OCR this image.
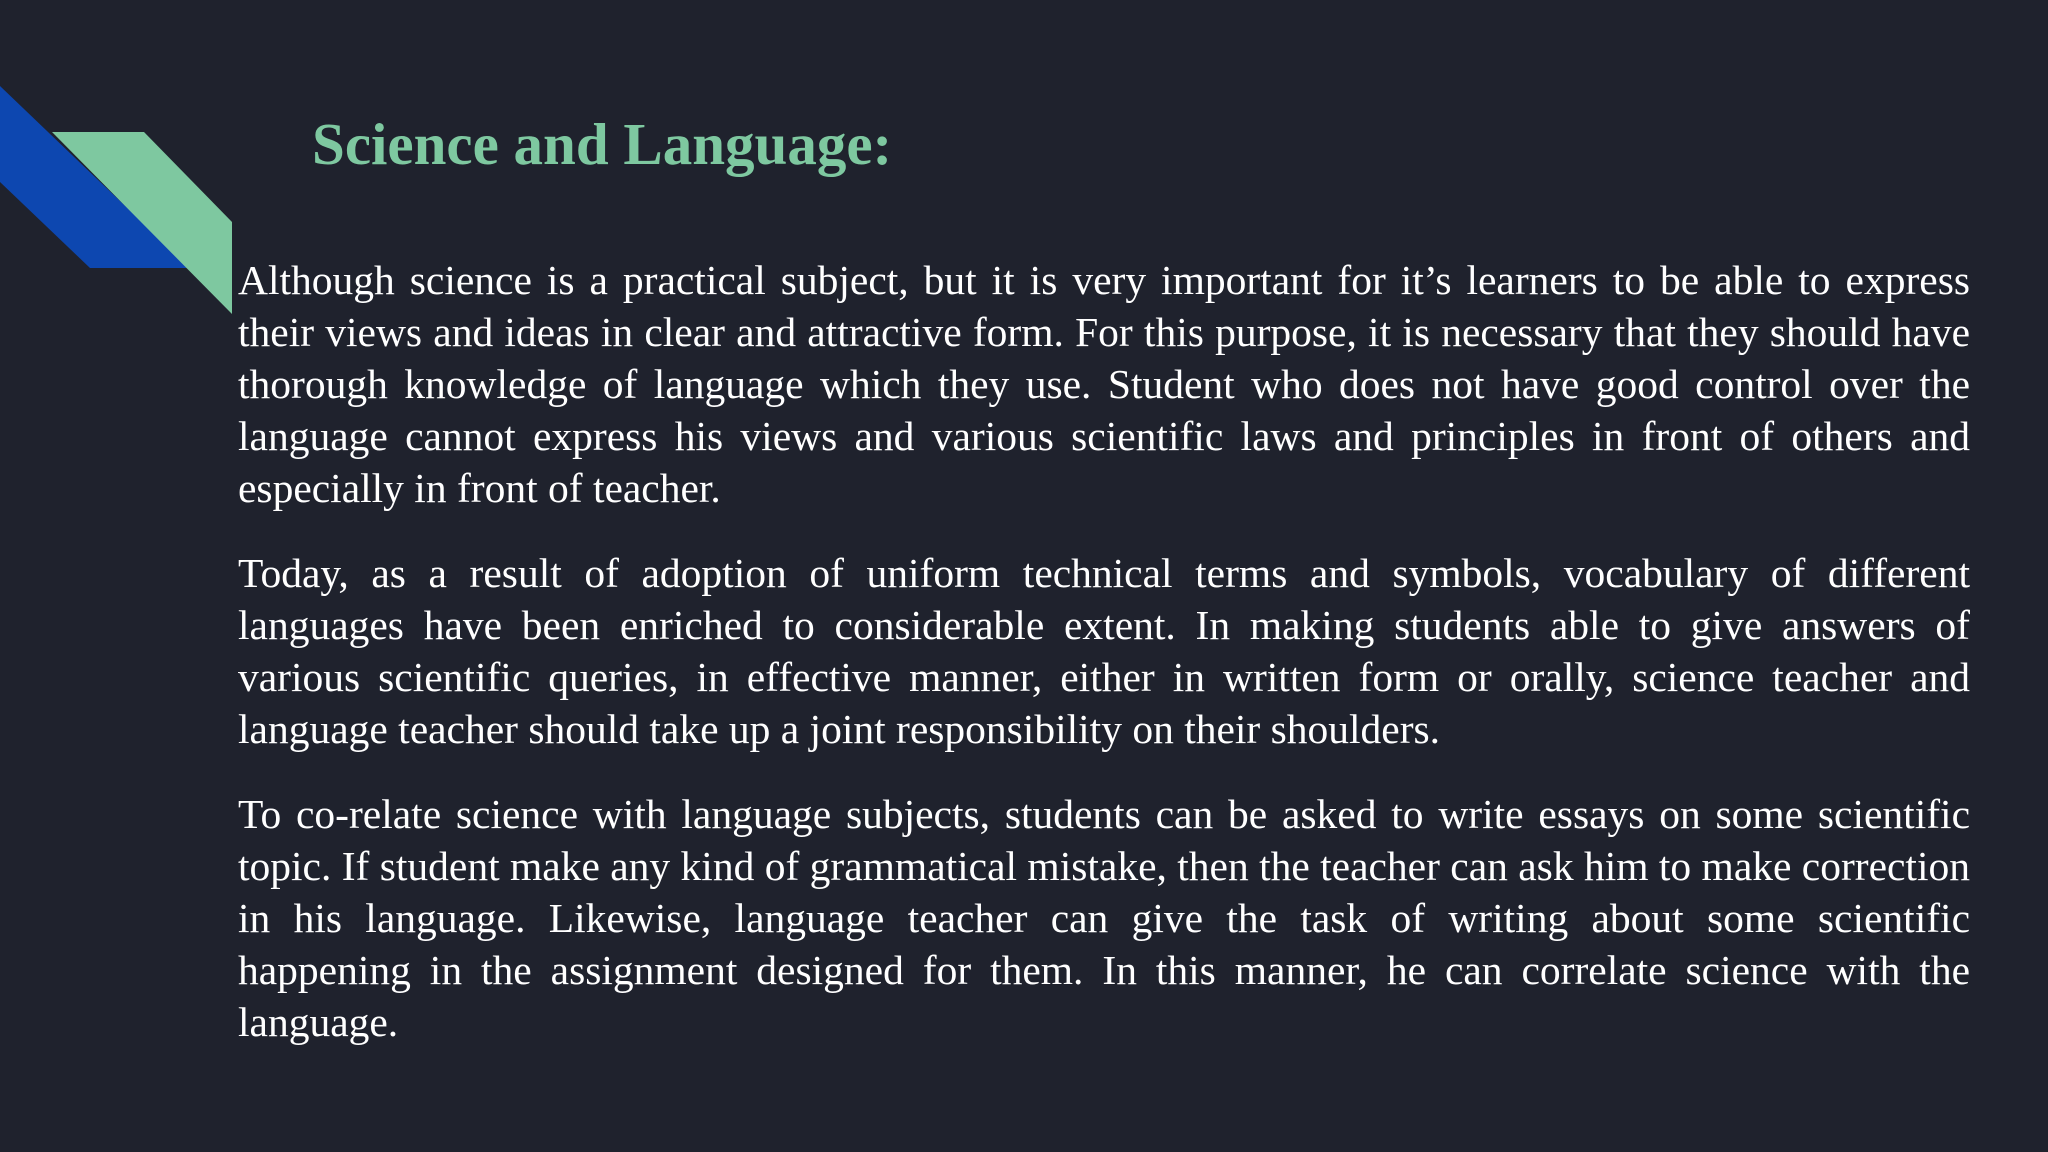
Science and Language:

Although science is a practical subject, but it is very important for it’s learners to be able to express their views and ideas in clear and attractive form. For this purpose, it is necessary that they should have thorough knowledge of language which they use. Student who does not have good control over the language cannot express his views and various scientific laws and principles in front of others and especially in front of teacher.

Today, as a result of adoption of uniform technical terms and symbols, vocabulary of different languages have been enriched to considerable extent. In making students able to give answers of various scientific queries, in effective manner, either in written form or orally, science teacher and language teacher should take up a joint responsibility on their shoulders.

To co-relate science with language subjects, students can be asked to write essays on some scientific topic. If student make any kind of grammatical mistake, then the teacher can ask him to make correction in his language. Likewise, language teacher can give the task of writing about some scientific happening in the assignment designed for them. In this manner, he can correlate science with the language.
